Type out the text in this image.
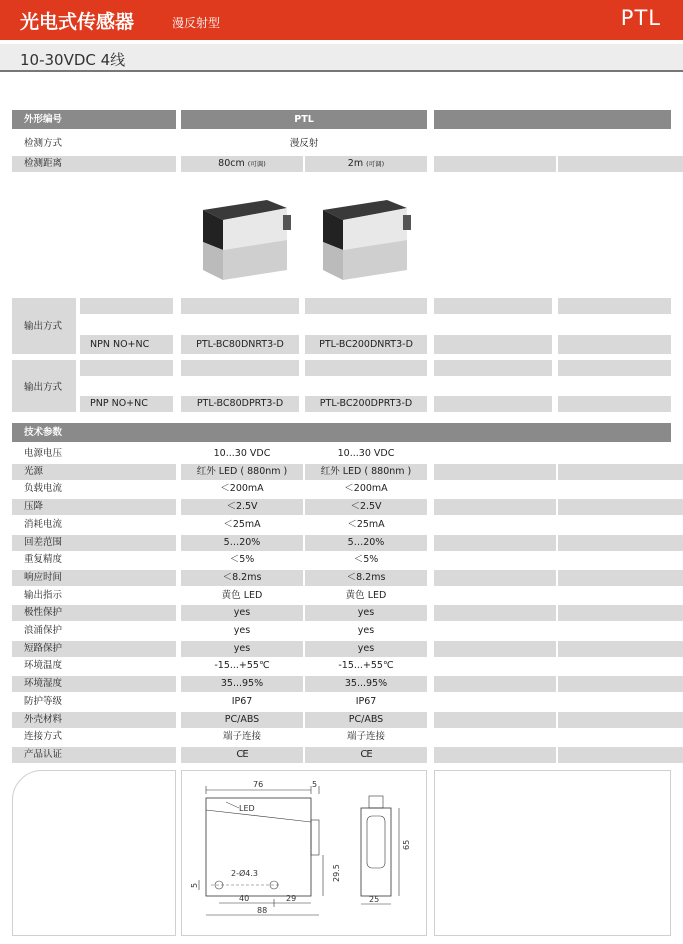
光电式传感器	漫反射型	PTL
10-30VDC 4线
外形编号	PTL
检测方式	漫反射
检测距离	80cm (可调)	2m (可调)
输出方式
NPN NO+NC	PTL-BC80DNRT3-D	PTL-BC200DNRT3-D
输出方式
PNP NO+NC	PTL-BC80DPRT3-D	PTL-BC200DPRT3-D
技术参数
电源电压	10...30 VDC	10...30 VDC
光源	红外 LED ( 880nm )	红外 LED ( 880nm )
负载电流	＜200mA	＜200mA
压降	＜2.5V	＜2.5V
消耗电流	＜25mA	＜25mA
回差范围	5…20%	5…20%
重复精度	＜5%	＜5%
响应时间	＜8.2ms	＜8.2ms
输出指示	黄色 LED	黄色 LED
极性保护	yes	yes
浪涌保护	yes	yes
短路保护	yes	yes
环境温度	-15...+55℃	-15...+55℃
环境湿度	35...95%	35...95%
防护等级	IP67	IP67
外壳材料	PC/ABS	PC/ABS
连接方式	端子连接	端子连接
产品认证	CE	CE
76	5
LED
2-Ø4.3	29.5
5
40	29
88
65
25
